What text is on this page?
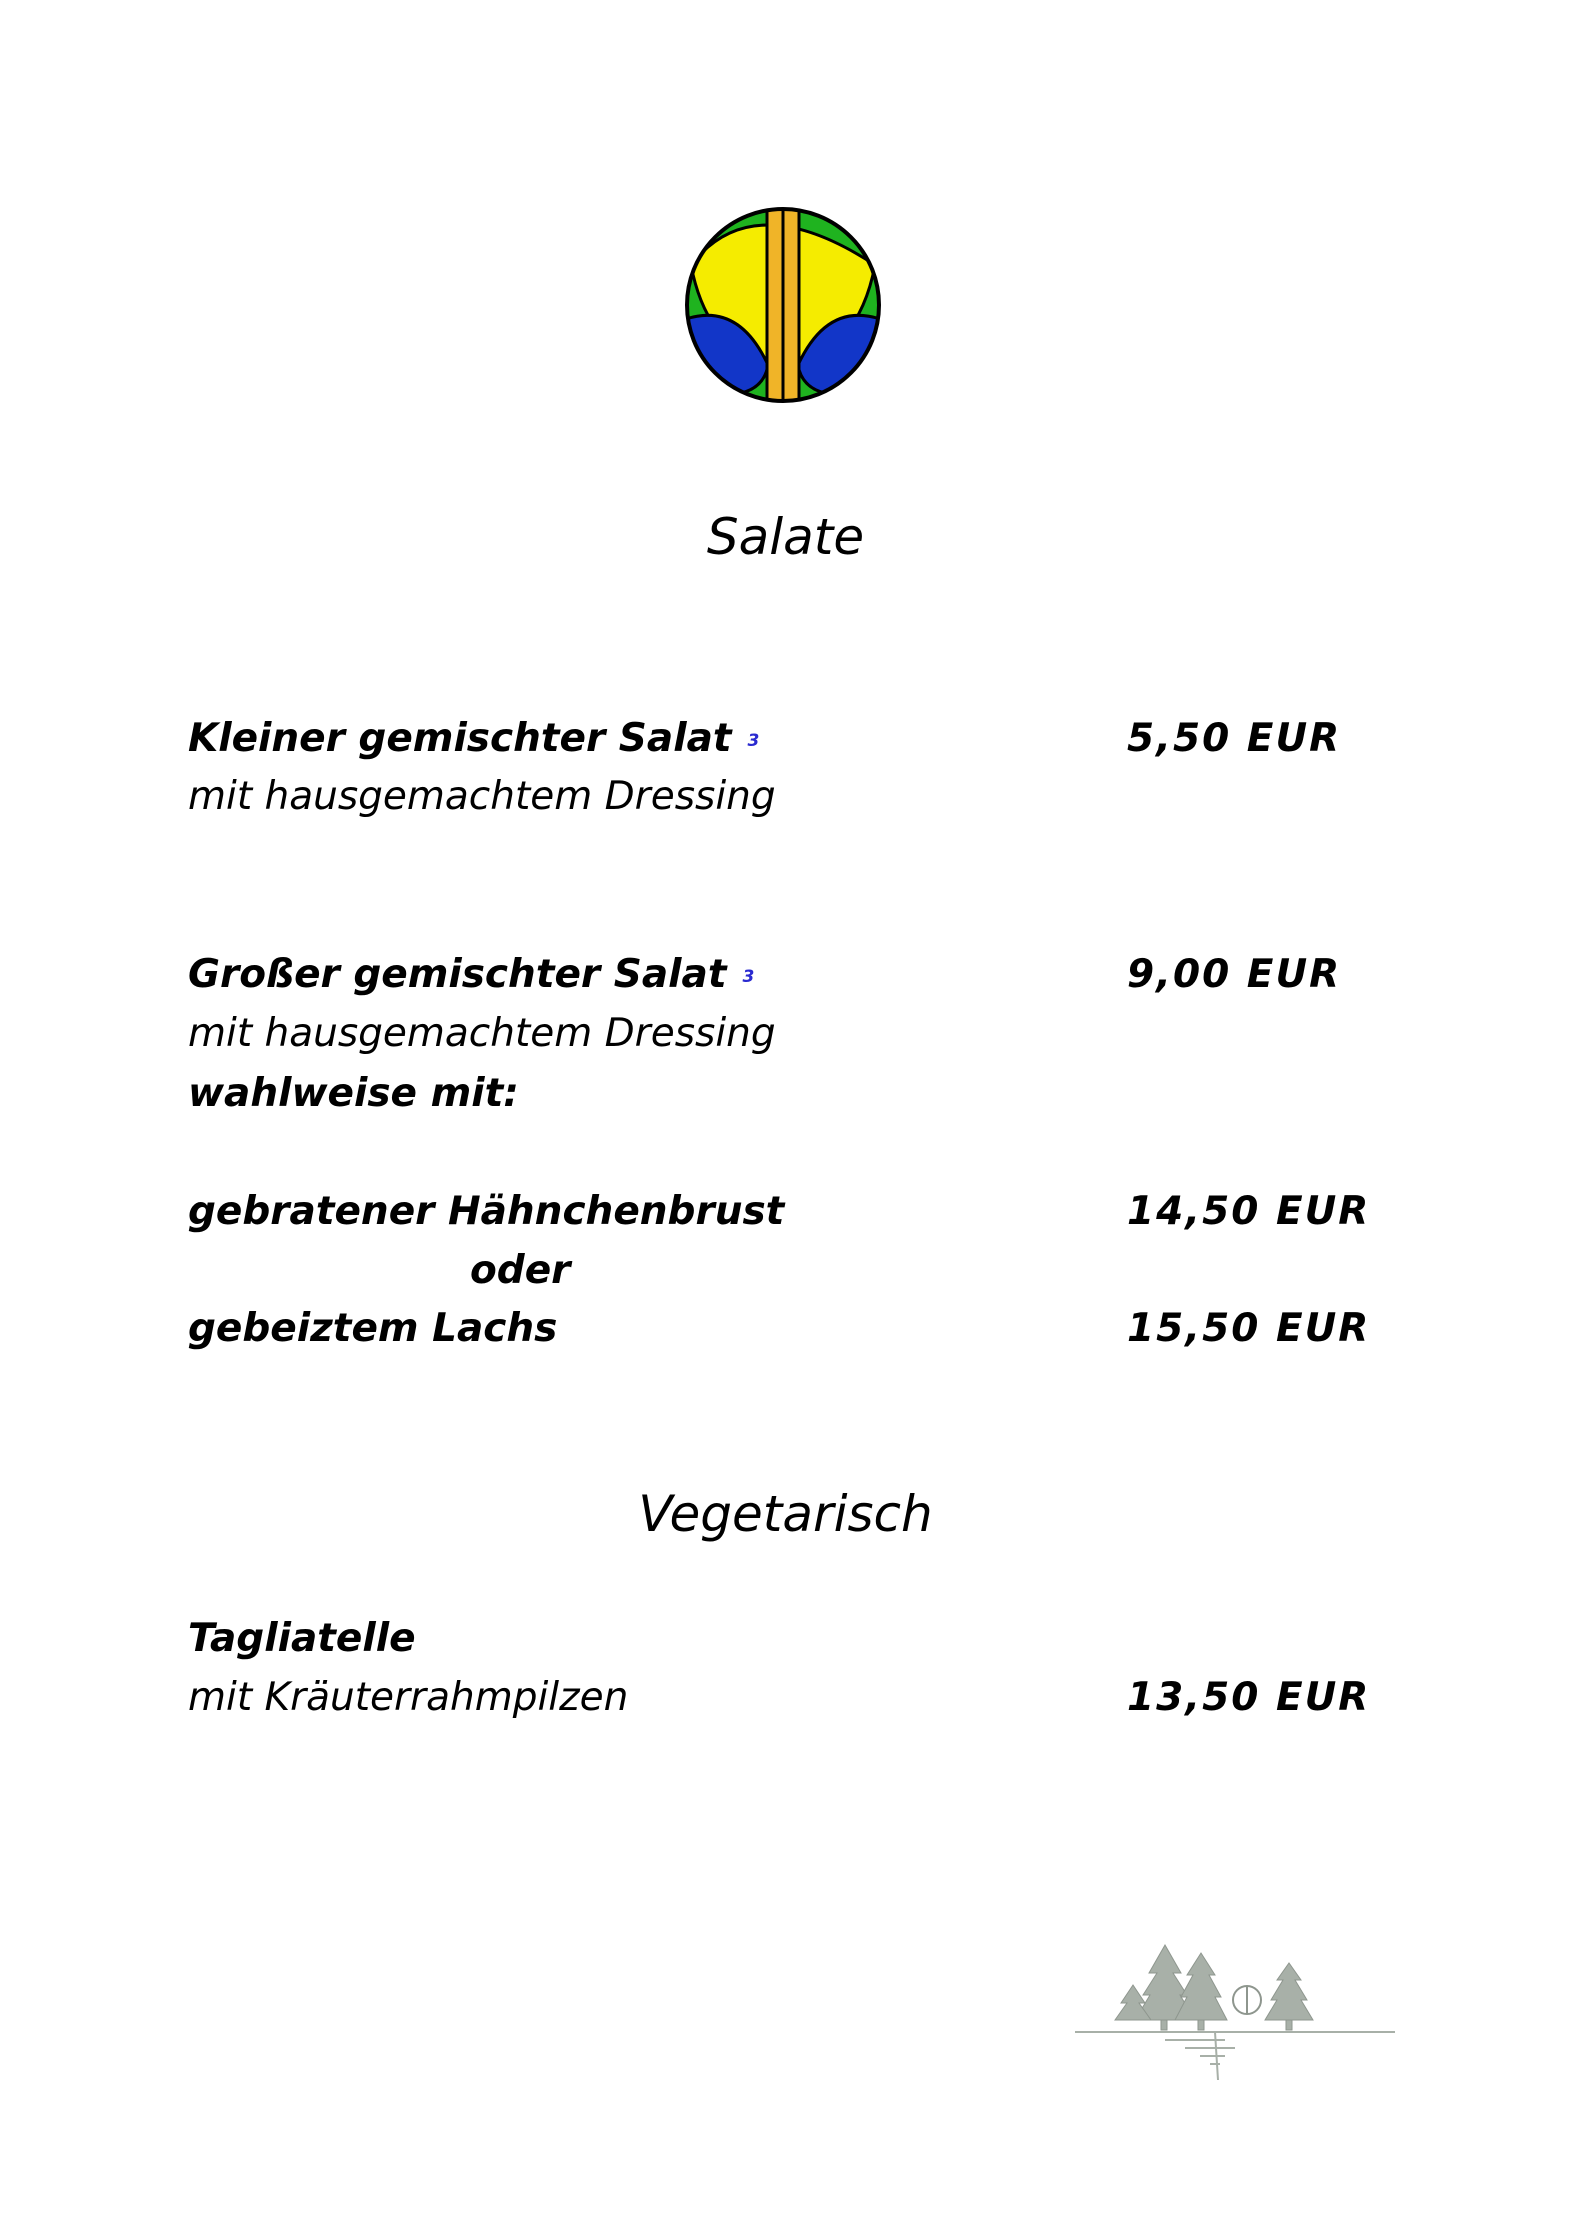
Salate
Kleiner gemischter Salat 3	5,50 EUR
mit hausgemachtem Dressing
Großer gemischter Salat 3	9,00 EUR
mit hausgemachtem Dressing
wahlweise mit:
gebratener Hähnchenbrust	14,50 EUR
oder
gebeiztem Lachs	15,50 EUR
Vegetarisch
Tagliatelle
mit Kräuterrahmpilzen	13,50 EUR
